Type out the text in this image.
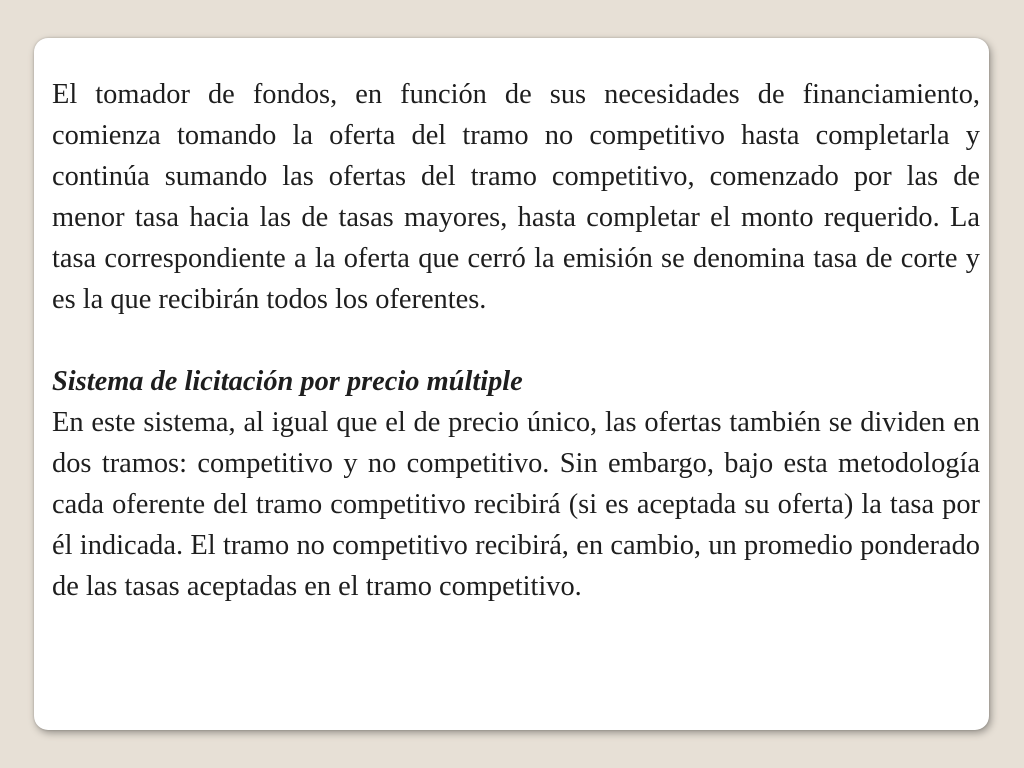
El tomador de fondos, en función de sus necesidades de financiamiento, comienza tomando la oferta del tramo no competitivo hasta completarla y continúa sumando las ofertas del tramo competitivo, comenzado por las de menor tasa hacia las de tasas mayores, hasta completar el monto requerido. La tasa correspondiente a la oferta que cerró la emisión se denomina tasa de corte y es la que recibirán todos los oferentes.

Sistema de licitación por precio múltiple

En este sistema, al igual que el de precio único, las ofertas también se dividen en dos tramos: competitivo y no competitivo. Sin embargo, bajo esta metodología cada oferente del tramo competitivo recibirá (si es aceptada su oferta) la tasa por él indicada. El tramo no competitivo recibirá, en cambio, un promedio ponderado de las tasas aceptadas en el tramo competitivo.
